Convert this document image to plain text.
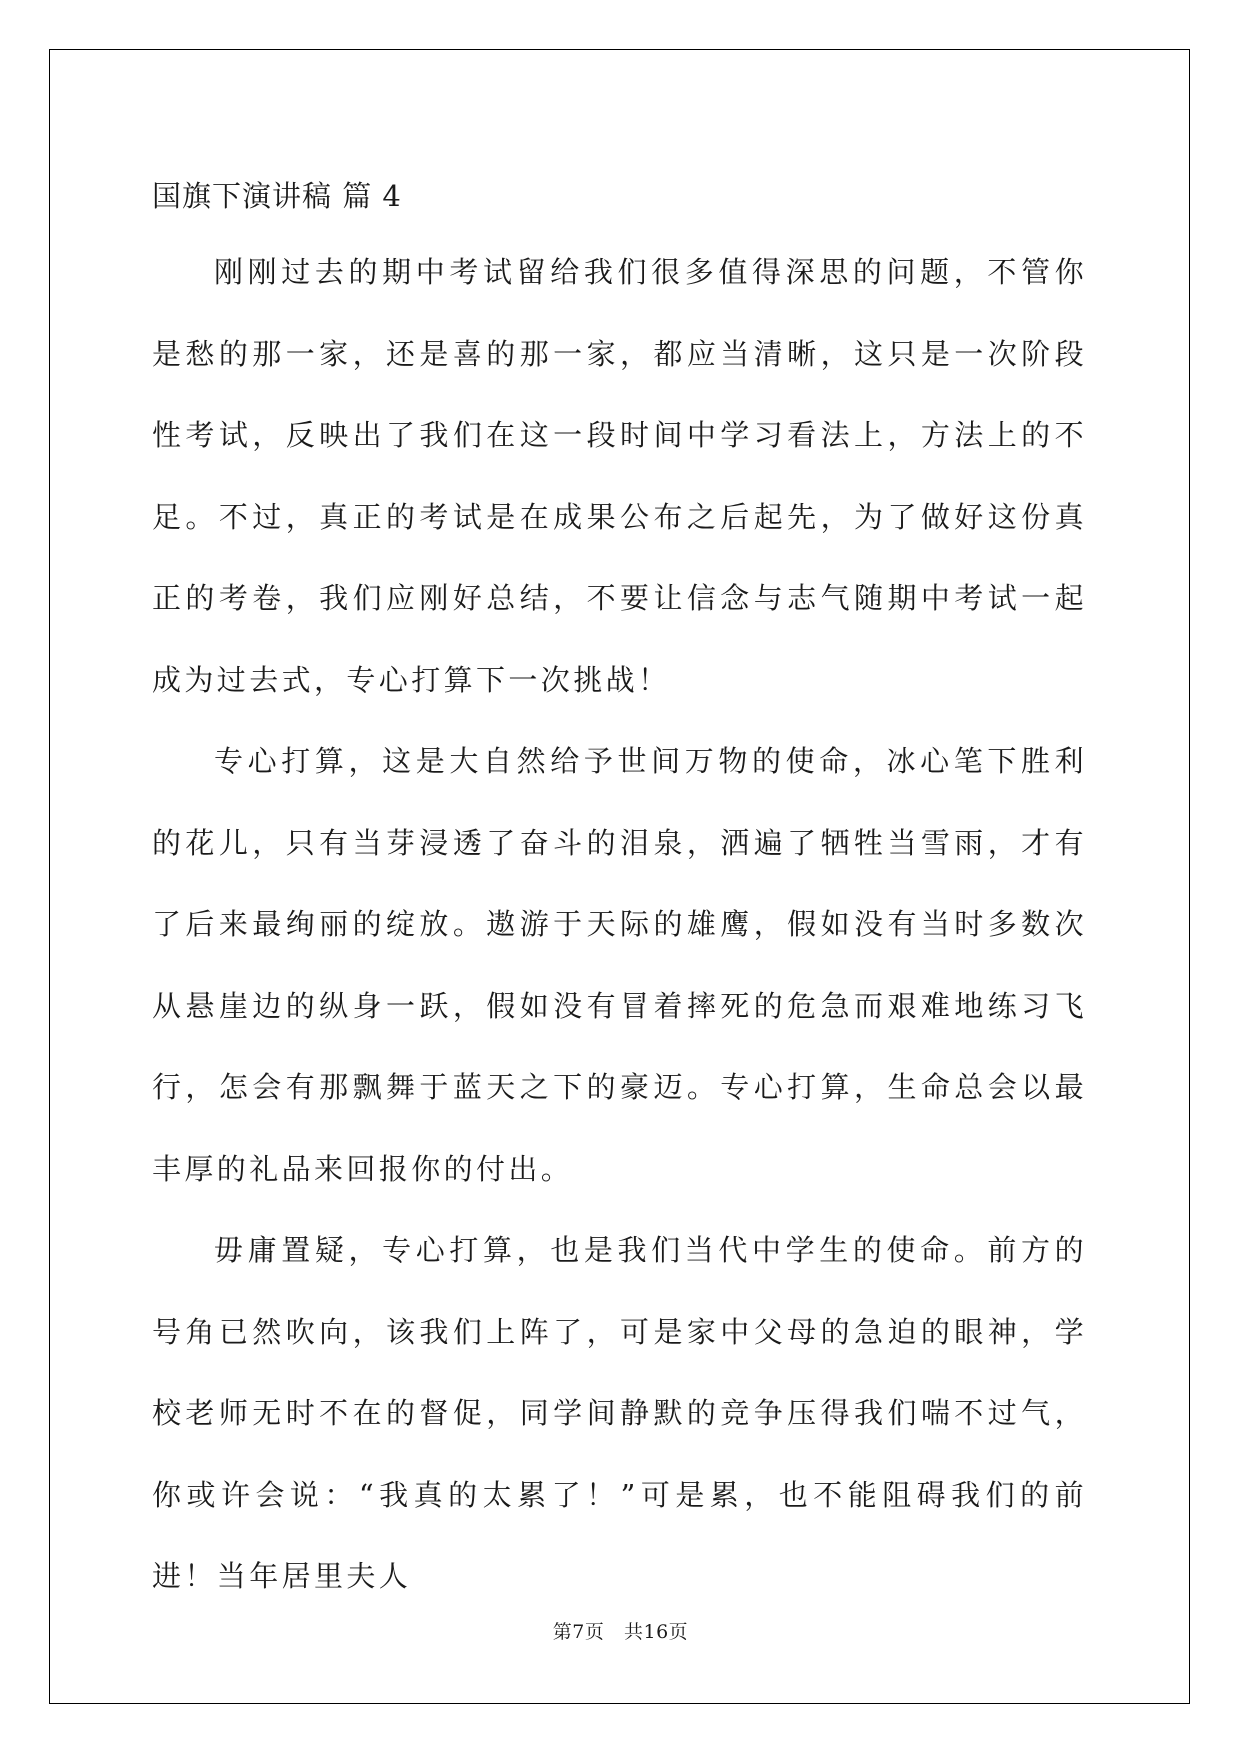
国旗下演讲稿 篇 4

刚刚过去的期中考试留给我们很多值得深思的问题，不管你是愁的那一家，还是喜的那一家，都应当清晰，这只是一次阶段性考试，反映出了我们在这一段时间中学习看法上，方法上的不足。不过，真正的考试是在成果公布之后起先，为了做好这份真正的考卷，我们应刚好总结，不要让信念与志气随期中考试一起成为过去式，专心打算下一次挑战！

专心打算，这是大自然给予世间万物的使命，冰心笔下胜利的花儿，只有当芽浸透了奋斗的泪泉，洒遍了牺牲当雪雨，才有了后来最绚丽的绽放。遨游于天际的雄鹰，假如没有当时多数次从悬崖边的纵身一跃，假如没有冒着摔死的危急而艰难地练习飞行，怎会有那飘舞于蓝天之下的豪迈。专心打算，生命总会以最丰厚的礼品来回报你的付出。

毋庸置疑，专心打算，也是我们当代中学生的使命。前方的号角已然吹向，该我们上阵了，可是家中父母的急迫的眼神，学校老师无时不在的督促，同学间静默的竞争压得我们喘不过气，你或许会说：“我真的太累了！”可是累，也不能阻碍我们的前进！当年居里夫人

第7页   共16页
